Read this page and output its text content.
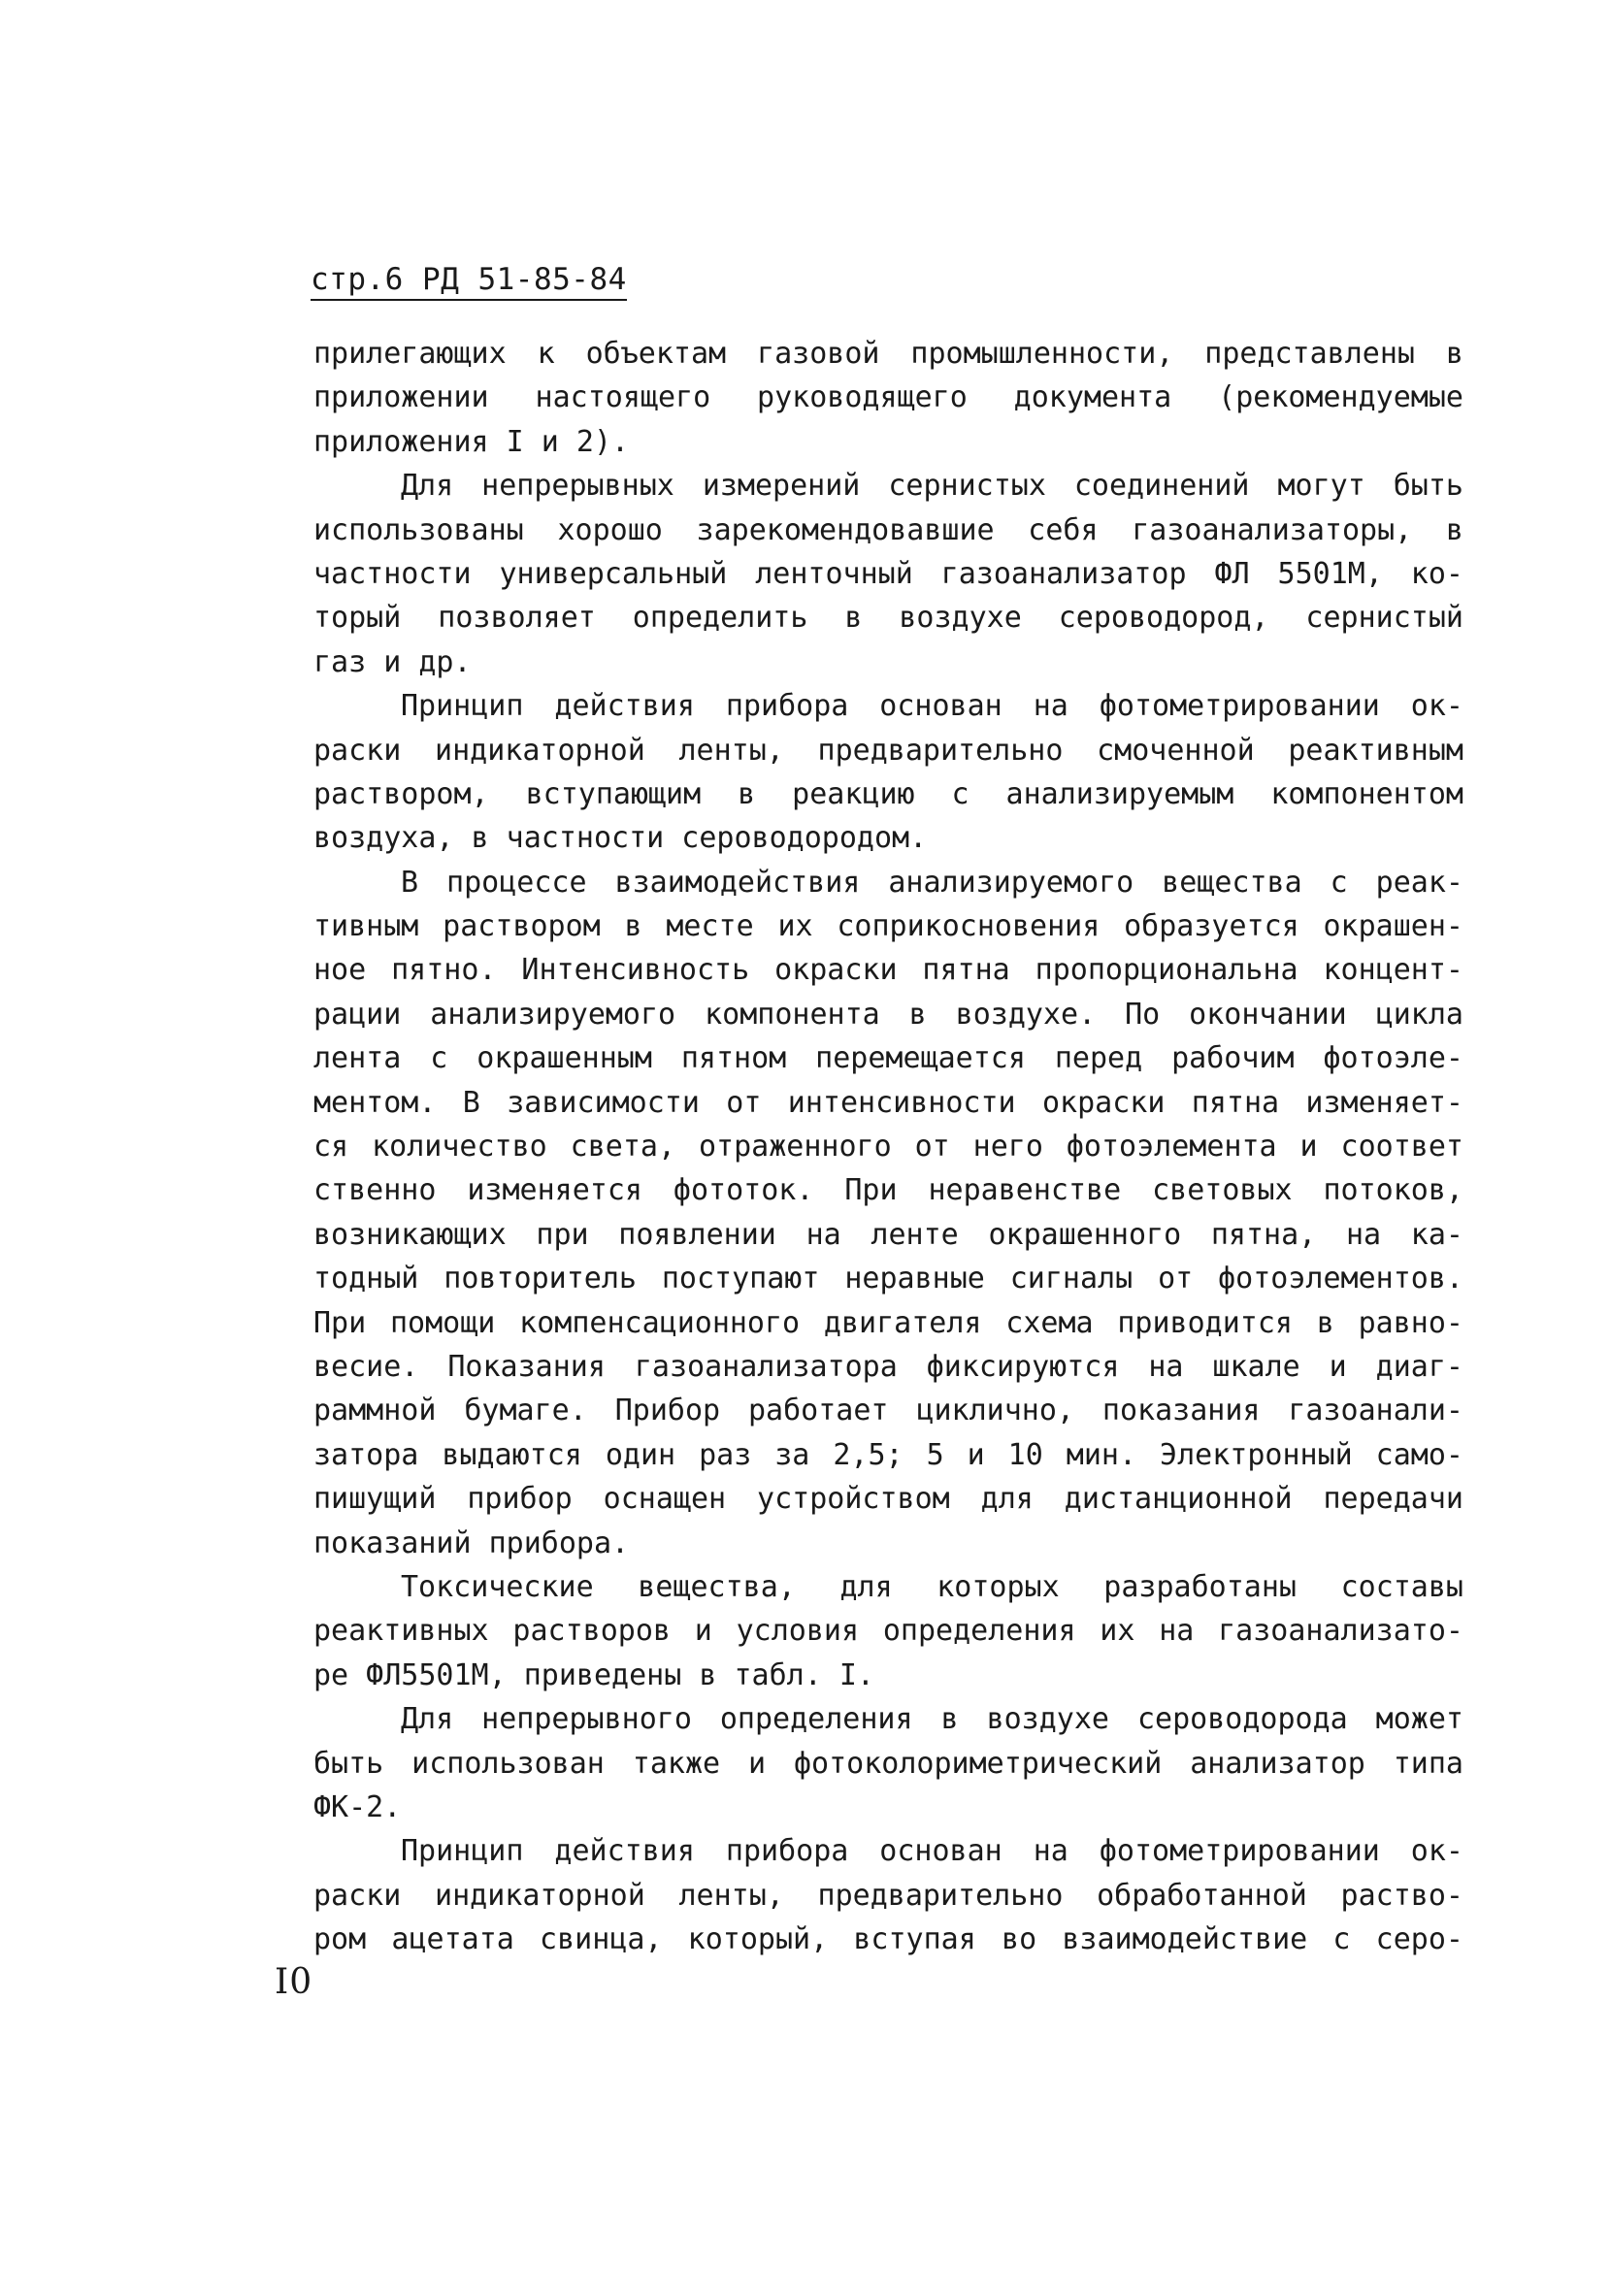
стр.6 РД 51-85-84
прилегающих к объектам газовой промышленности, представлены в
приложении настоящего руководящего документа (рекомендуемые
приложения I и 2).
Для непрерывных измерений сернистых соединений могут быть
использованы хорошо зарекомендовавшие себя газоанализаторы, в
частности универсальный ленточный газоанализатор ФЛ 5501М, ко-
торый позволяет определить в воздухе сероводород, сернистый
газ и др.
Принцип действия прибора основан на фотометрировании ок-
раски индикаторной ленты, предварительно смоченной реактивным
раствором, вступающим в реакцию с анализируемым компонентом
воздуха, в частности сероводородом.
В процессе взаимодействия анализируемого вещества с реак-
тивным раствором в месте их соприкосновения образуется окрашен-
ное пятно. Интенсивность окраски пятна пропорциональна концент-
рации анализируемого компонента в воздухе. По окончании цикла
лента с окрашенным пятном перемещается перед рабочим фотоэле-
ментом. В зависимости от интенсивности окраски пятна изменяет-
ся количество света, отраженного от него фотоэлемента и соответ
ственно изменяется фототок. При неравенстве световых потоков,
возникающих при появлении на ленте окрашенного пятна, на ка-
тодный повторитель поступают неравные сигналы от фотоэлементов.
При помощи компенсационного двигателя схема приводится в равно-
весие. Показания газоанализатора фиксируются на шкале и диаг-
раммной бумаге. Прибор работает циклично, показания газоанали-
затора выдаются один раз за 2,5; 5 и 10 мин. Электронный само-
пишущий прибор оснащен устройством для дистанционной передачи
показаний прибора.
Токсические вещества, для которых разработаны составы
реактивных растворов и условия определения их на газоанализато-
ре ФЛ5501М, приведены в табл. I.
Для непрерывного определения в воздухе сероводорода может
быть использован также и фотоколориметрический анализатор типа
ФК-2.
Принцип действия прибора основан на фотометрировании ок-
раски индикаторной ленты, предварительно обработанной раство-
ром ацетата свинца, который, вступая во взаимодействие с серо-
I0
